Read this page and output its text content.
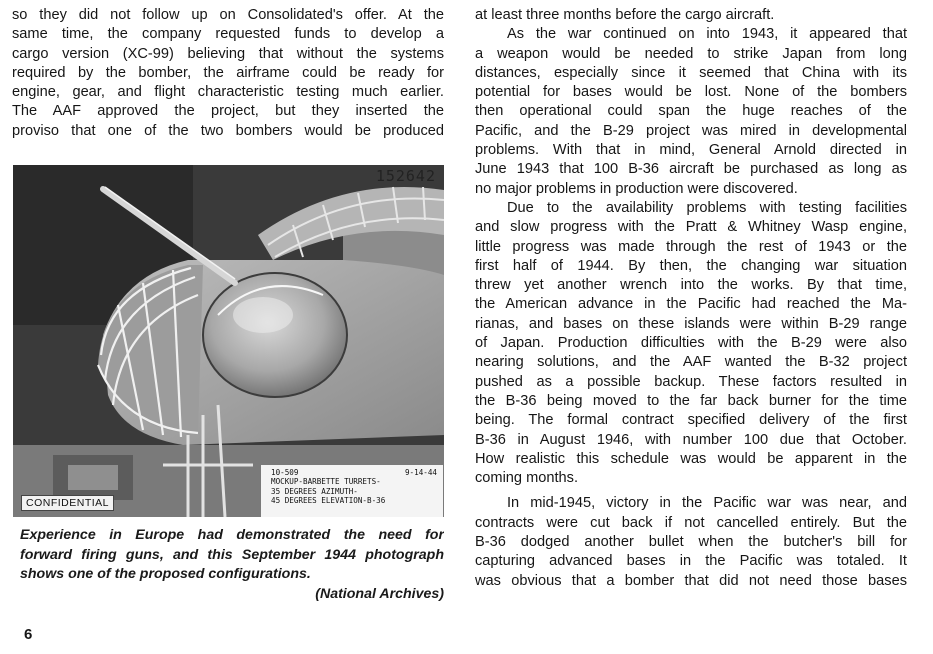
so they did not follow up on Consolidated's offer. At the
same time, the company requested funds to develop a
cargo version (XC-99) believing that without the systems
required by the bomber, the airframe could be ready for
engine, gear, and flight characteristic testing much earlier.
The AAF approved the project, but they inserted the
proviso that one of the two bombers would be produced
152642
CONFIDENTIAL
10-509	9-14-44
MOCKUP-BARBETTE TURRETS-
35 DEGREES AZIMUTH-
45 DEGREES ELEVATION-B-36
Experience in Europe had demonstrated the need for
forward firing guns, and this September 1944 photograph
shows one of the proposed configurations.
(National Archives)
at least three months before the cargo aircraft.
As the war continued on into 1943, it appeared that
a weapon would be needed to strike Japan from long
distances, especially since it seemed that China with its
potential for bases would be lost. None of the bombers
then operational could span the huge reaches of the
Pacific, and the B-29 project was mired in developmental
problems. With that in mind, General Arnold directed in
June 1943 that 100 B-36 aircraft be purchased as long as
no major problems in production were discovered.
Due to the availability problems with testing facilities
and slow progress with the Pratt & Whitney Wasp engine,
little progress was made through the rest of 1943 or the
first half of 1944. By then, the changing war situation
threw yet another wrench into the works. By that time,
the American advance in the Pacific had reached the Ma-
rianas, and bases on these islands were within B-29 range
of Japan. Production difficulties with the B-29 were also
nearing solutions, and the AAF wanted the B-32 project
pushed as a possible backup. These factors resulted in
the B-36 being moved to the far back burner for the time
being. The formal contract specified delivery of the first
B-36 in August 1946, with number 100 due that October.
How realistic this schedule was would be apparent in the
coming months.
In mid-1945, victory in the Pacific war was near, and
contracts were cut back if not cancelled entirely. But the
B-36 dodged another bullet when the butcher's bill for
capturing advanced bases in the Pacific was totaled. It
was obvious that a bomber that did not need those bases
6
